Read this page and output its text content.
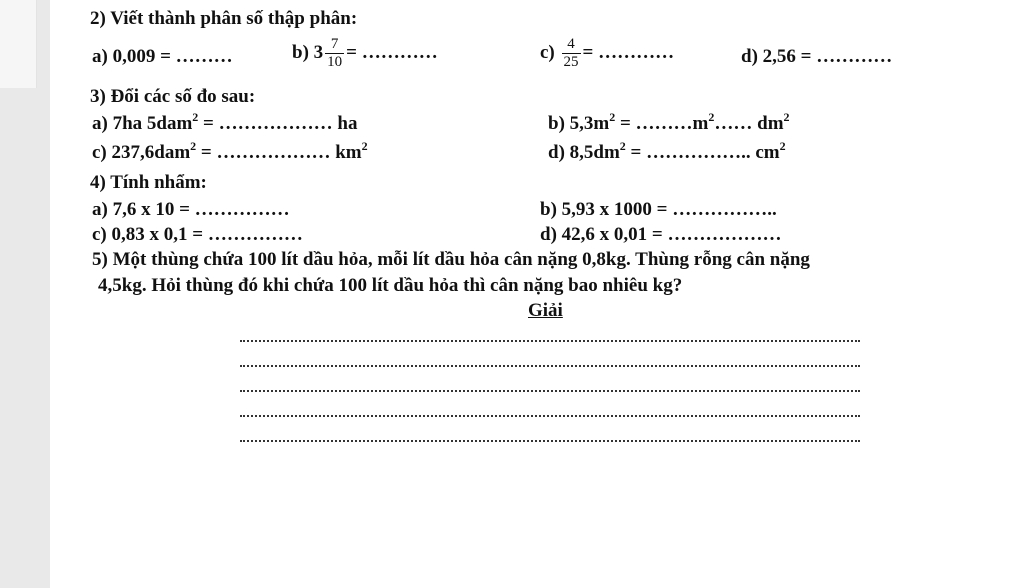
2) Viết thành phân số thập phân:
a) 0,009 = ………	b) $3 \frac{7}{10}$ = …………	$c) \frac{4}{25}$ = …………	d) 2,56 = …………
3) Đổi các số đo sau:
a) 7ha 5dam$^2$ = ……………… ha	b) $5,3m^2$ = $\dots\dots\dots m^2\dots\dots$ $dm^2$
c) 237,6dam$^2$ = ……………… $km^2$	d) $8,5dm^2$ = …………….. $cm^2$
4) Tính nhẩm:
a) 7,6 x 10 = ……………	b) 5,93 x 1000 = ……………..
c) 0,83 x 0,1 = ……………	d) 42,6 x 0,01 = ………………
5) Một thùng chứa 100 lít dầu hỏa, mỗi lít dầu hỏa cân nặng 0,8kg. Thùng rỗng cân nặng
4,5kg. Hỏi thùng đó khi chứa 100 lít dầu hỏa thì cân nặng bao nhiêu kg?
Giải
